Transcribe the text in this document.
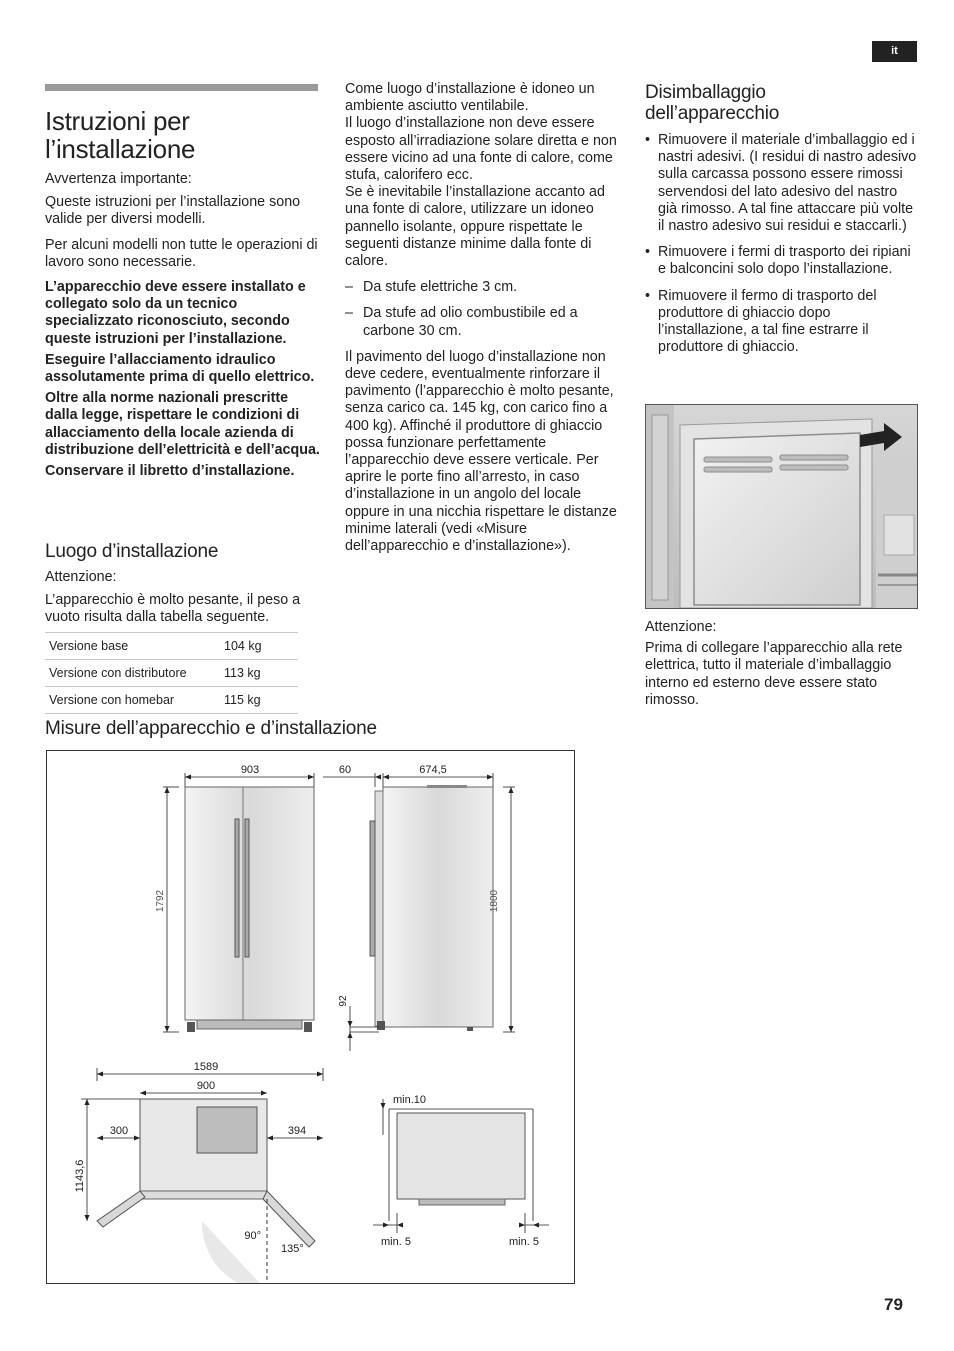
it
Istruzioni per
l’installazione

Avvertenza importante:

Queste istruzioni per l’installazione sono valide per diversi modelli.

Per alcuni modelli non tutte le operazioni di lavoro sono necessarie.

L’apparecchio deve essere installato e collegato solo da un tecnico specializzato riconosciuto, secondo queste istruzioni per l’installazione.

Eseguire l’allacciamento idraulico assolutamente prima di quello elettrico.

Oltre alla norme nazionali prescritte dalla legge, rispettare le condizioni di allacciamento della locale azienda di distribuzione dell’elettricità e dell’acqua.

Conservare il libretto d’installazione.

Luogo d’installazione

Attenzione:

L’apparecchio è molto pesante, il peso a vuoto risulta dalla tabella seguente.

Versione base	104 kg
Versione con distributore	113 kg
Versione con homebar	115 kg

Come luogo d’installazione è idoneo un ambiente asciutto ventilabile.

Il luogo d’installazione non deve essere esposto all’irradiazione solare diretta e non essere vicino ad una fonte di calore, come stufa, calorifero ecc.

Se è inevitabile l’installazione accanto ad una fonte di calore, utilizzare un idoneo pannello isolante, oppure rispettate le seguenti distanze minime dalla fonte di calore.

– Da stufe elettriche 3 cm.
– Da stufe ad olio combustibile ed a carbone 30 cm.

Il pavimento del luogo d’installazione non deve cedere, eventualmente rinforzare il pavimento (l’apparecchio è molto pesante, senza carico ca. 145 kg, con carico fino a 400 kg). Affinché il produttore di ghiaccio possa funzionare perfettamente l’apparecchio deve essere verticale. Per aprire le porte fino all’arresto, in caso d’installazione in un angolo del locale oppure in una nicchia rispettare le distanze minime laterali (vedi «Misure dell’apparecchio e d’installazione»).

Disimballaggio
dell’apparecchio
• Rimuovere il materiale d’imballaggio ed i nastri adesivi. (I residui di nastro adesivo sulla carcassa possono essere rimossi servendosi del lato adesivo del nastro già rimosso. A tal fine attaccare più volte il nastro adesivo sui residui e staccarli.)
• Rimuovere i fermi di trasporto dei ripiani e balconcini solo dopo l’installazione.
• Rimuovere il fermo di trasporto del produttore di ghiaccio dopo l’installazione, a tal fine estrarre il produttore di ghiaccio.

Attenzione:

Prima di collegare l’apparecchio alla rete elettrica, tutto il materiale d’imballaggio interno ed esterno deve essere stato rimosso.

Misure dell’apparecchio e d’installazione
903
1792
60	674,5
1800
92
1589
900
300	394
1143,6
90°
135°
min.10
min. 5	min. 5
79
